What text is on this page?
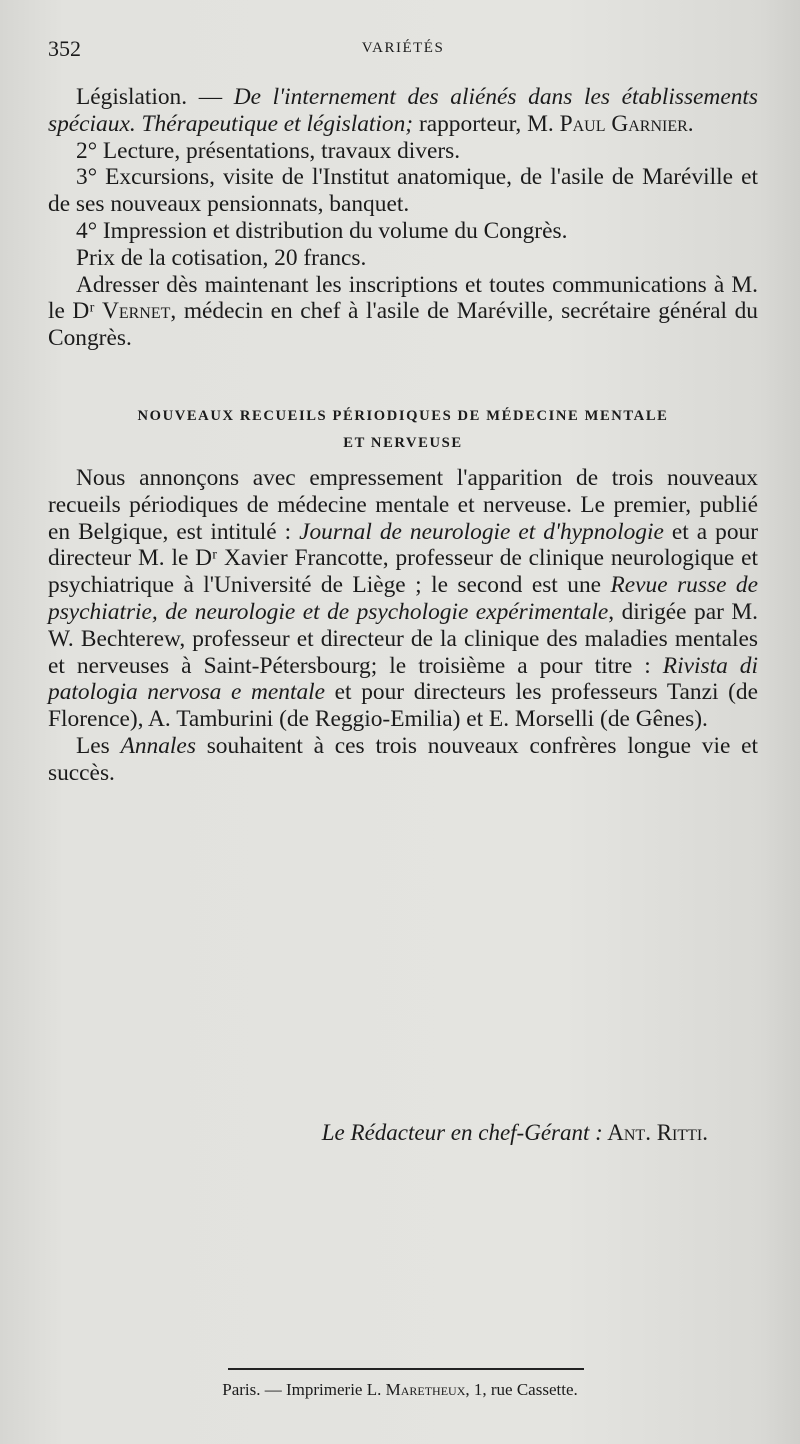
352	VARIÉTÉS

Législation. — De l'internement des aliénés dans les établissements spéciaux. Thérapeutique et législation; rapporteur, M. Paul Garnier.

2° Lecture, présentations, travaux divers.

3° Excursions, visite de l'Institut anatomique, de l'asile de Maréville et de ses nouveaux pensionnats, banquet.

4° Impression et distribution du volume du Congrès.

Prix de la cotisation, 20 francs.

Adresser dès maintenant les inscriptions et toutes communications à M. le Dʳ Vernet, médecin en chef à l'asile de Maréville, secrétaire général du Congrès.

NOUVEAUX RECUEILS PÉRIODIQUES DE MÉDECINE MENTALE
ET NERVEUSE

Nous annonçons avec empressement l'apparition de trois nouveaux recueils périodiques de médecine mentale et nerveuse. Le premier, publié en Belgique, est intitulé : Journal de neurologie et d'hypnologie et a pour directeur M. le Dʳ Xavier Francotte, professeur de clinique neurologique et psychiatrique à l'Université de Liège ; le second est une Revue russe de psychiatrie, de neurologie et de psychologie expérimentale, dirigée par M. W. Bechterew, professeur et directeur de la clinique des maladies mentales et nerveuses à Saint-Pétersbourg; le troisième a pour titre : Rivista di patologia nervosa e mentale et pour directeurs les professeurs Tanzi (de Florence), A. Tamburini (de Reggio-Emilia) et E. Morselli (de Gênes).

Les Annales souhaitent à ces trois nouveaux confrères longue vie et succès.

Le Rédacteur en chef-Gérant : Ant. Ritti.
Paris. — Imprimerie L. Maretheux, 1, rue Cassette.
